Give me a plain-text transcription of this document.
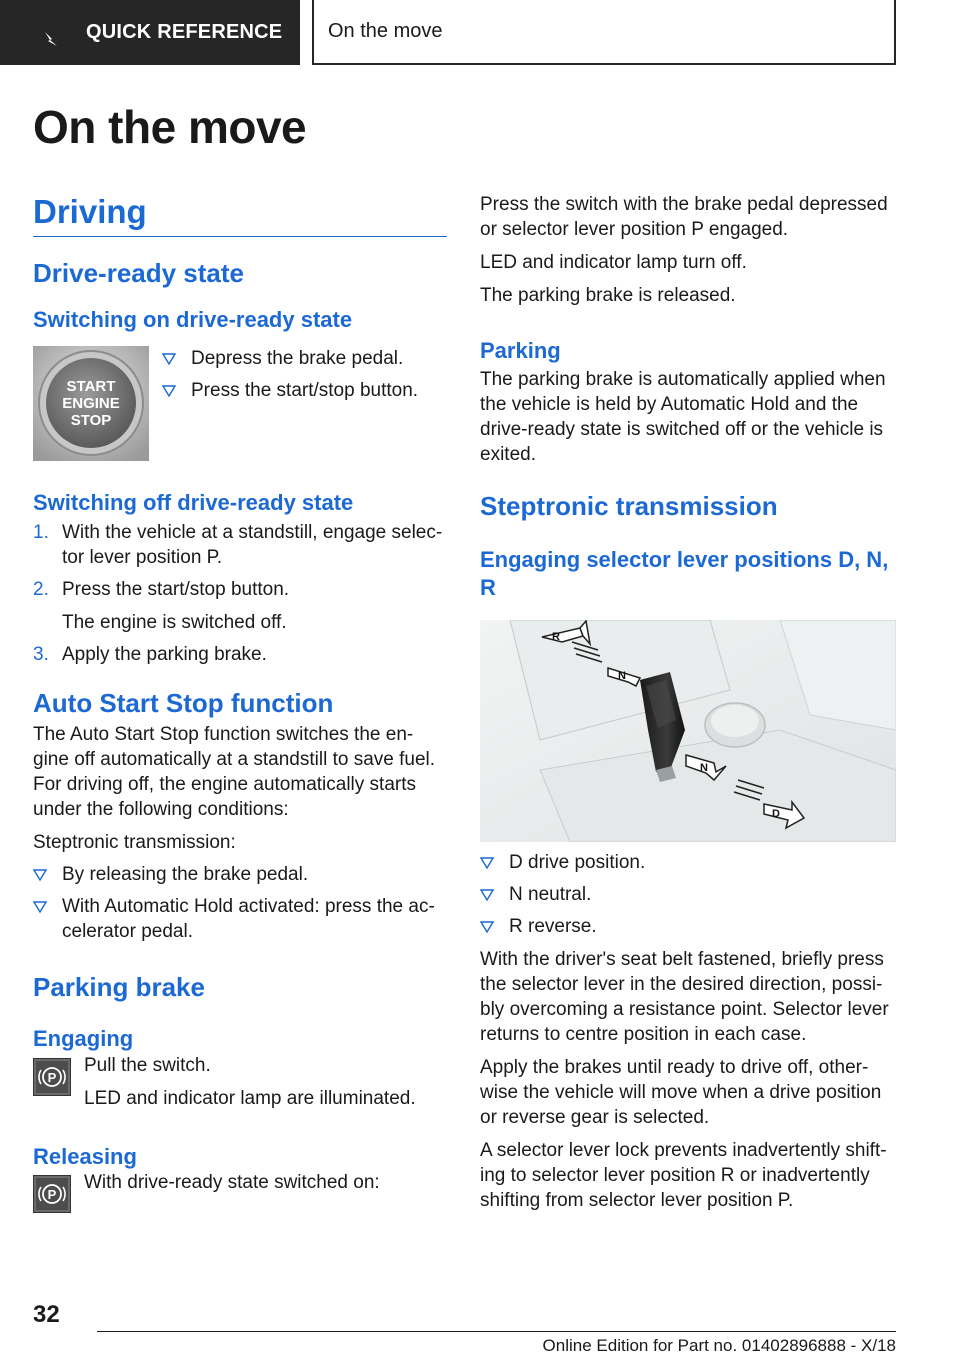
QUICK REFERENCE On the move
On the move
Driving
Drive-ready state
Switching on drive-ready state
START
ENGINE
STOP
Depress the brake pedal.
Press the start/stop button.
Switching off drive-ready state
1. With the vehicle at a standstill, engage selec‐tor lever position P.
2. Press the start/stop button.
The engine is switched off.
3. Apply the parking brake.
Auto Start Stop function

The Auto Start Stop function switches the en‐gine off automatically at a standstill to save fuel. For driving off, the engine automatically starts under the following conditions:

Steptronic transmission:

By releasing the brake pedal.
With Automatic Hold activated: press the ac‐celerator pedal.
Parking brake
Engaging
P

Pull the switch.

LED and indicator lamp are illuminated.

Releasing
P

With drive-ready state switched on:

Press the switch with the brake pedal depressed or selector lever position P engaged.

LED and indicator lamp turn off.

The parking brake is released.

Parking

The parking brake is automatically applied when the vehicle is held by Automatic Hold and the drive-ready state is switched off or the vehicle is exited.

Steptronic transmission
Engaging selector lever positions D, N, R
R
N
N
D
D drive position.
N neutral.
R reverse.

With the driver's seat belt fastened, briefly press the selector lever in the desired direction, possi‐bly overcoming a resistance point. Selector lever returns to centre position in each case.

Apply the brakes until ready to drive off, other‐wise the vehicle will move when a drive position or reverse gear is selected.

A selector lever lock prevents inadvertently shift‐ing to selector lever position R or inadvertently shifting from selector lever position P.

32
Online Edition for Part no. 01402896888 - X/18
